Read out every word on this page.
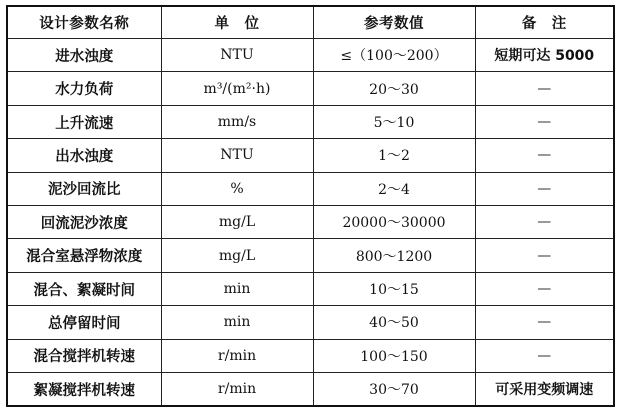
设计参数名称	单　位	参考数值	备　注
进水浊度	NTU	≤（100～200）	短期可达 5000
水力负荷	m³/(m²·h)	20～30	—
上升流速	mm/s	5～10	—
出水浊度	NTU	1～2	—
泥沙回流比	%	2～4	—
回流泥沙浓度	mg/L	20000～30000	—
混合室悬浮物浓度	mg/L	800～1200	—
混合、絮凝时间	min	10～15	—
总停留时间	min	40～50	—
混合搅拌机转速	r/min	100～150	—
絮凝搅拌机转速	r/min	30～70	可采用变频调速
